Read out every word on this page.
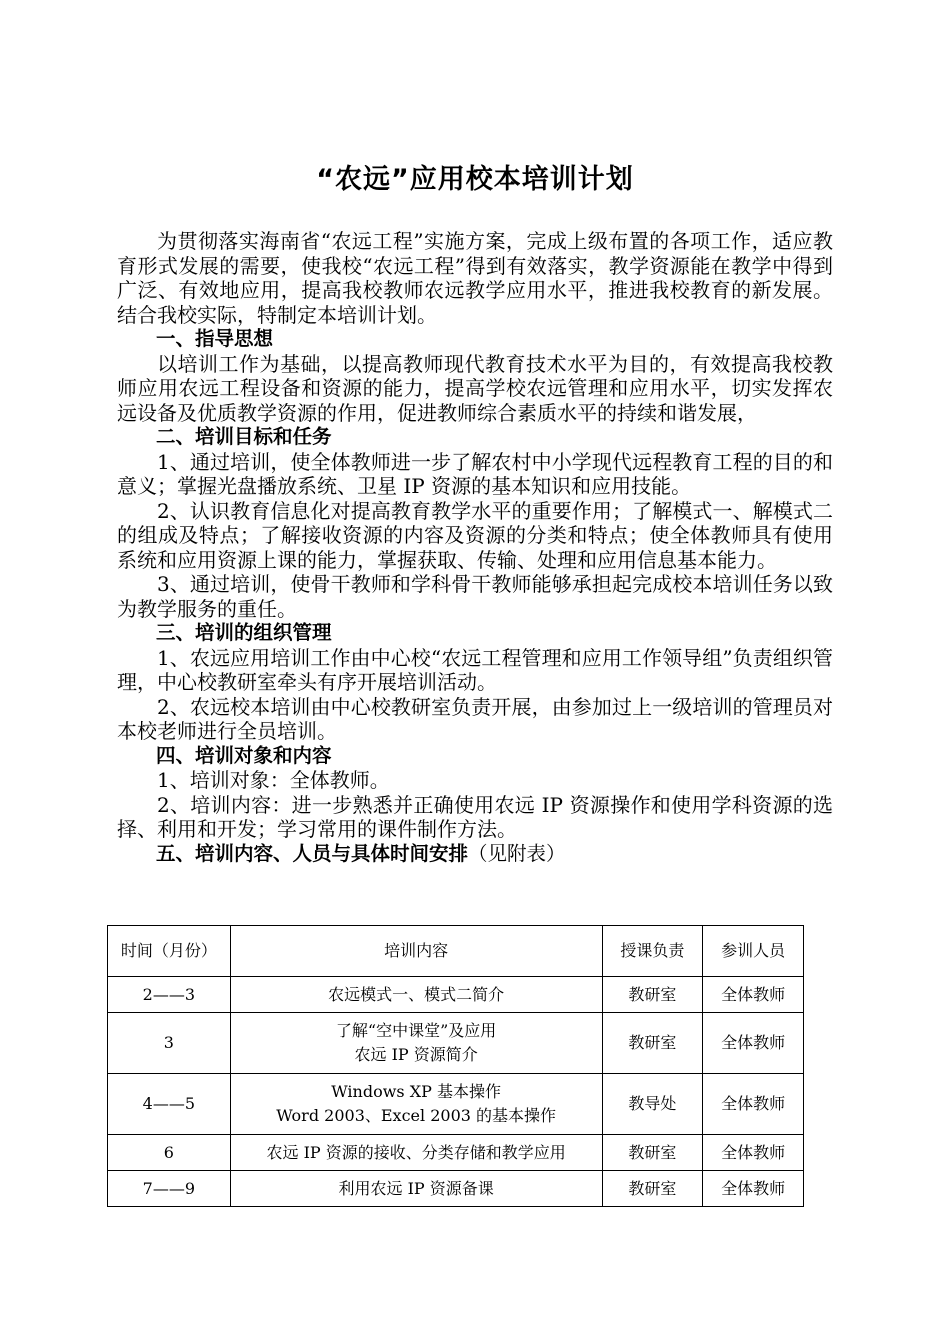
“农远”应用校本培训计划

为贯彻落实海南省“农远工程”实施方案，完成上级布置的各项工作，适应教育形式发展的需要，使我校“农远工程”得到有效落实，教学资源能在教学中得到广泛、有效地应用，提高我校教师农远教学应用水平，推进我校教育的新发展。结合我校实际，特制定本培训计划。

一、指导思想

以培训工作为基础，以提高教师现代教育技术水平为目的，有效提高我校教师应用农远工程设备和资源的能力，提高学校农远管理和应用水平，切实发挥农远设备及优质教学资源的作用，促进教师综合素质水平的持续和谐发展，

二、培训目标和任务

1、通过培训，使全体教师进一步了解农村中小学现代远程教育工程的目的和意义；掌握光盘播放系统、卫星 IP 资源的基本知识和应用技能。

2、认识教育信息化对提高教育教学水平的重要作用；了解模式一、解模式二的组成及特点；了解接收资源的内容及资源的分类和特点；使全体教师具有使用系统和应用资源上课的能力，掌握获取、传输、处理和应用信息基本能力。

3、通过培训，使骨干教师和学科骨干教师能够承担起完成校本培训任务以致为教学服务的重任。

三、培训的组织管理

1、农远应用培训工作由中心校“农远工程管理和应用工作领导组”负责组织管理，中心校教研室牵头有序开展培训活动。

2、农远校本培训由中心校教研室负责开展，由参加过上一级培训的管理员对本校老师进行全员培训。

四、培训对象和内容

1、培训对象：全体教师。

2、培训内容：进一步熟悉并正确使用农远 IP 资源操作和使用学科资源的选择、利用和开发；学习常用的课件制作方法。

五、培训内容、人员与具体时间安排（见附表）
时间（月份）	培训内容	授课负责	参训人员
2——3	农远模式一、模式二简介	教研室	全体教师
3	了解“空中课堂”及应用
农远 IP 资源简介	教研室	全体教师
4——5	Windows XP 基本操作
Word 2003、Excel 2003 的基本操作	教导处	全体教师
6	农远 IP 资源的接收、分类存储和教学应用	教研室	全体教师
7——9	利用农远 IP 资源备课	教研室	全体教师
